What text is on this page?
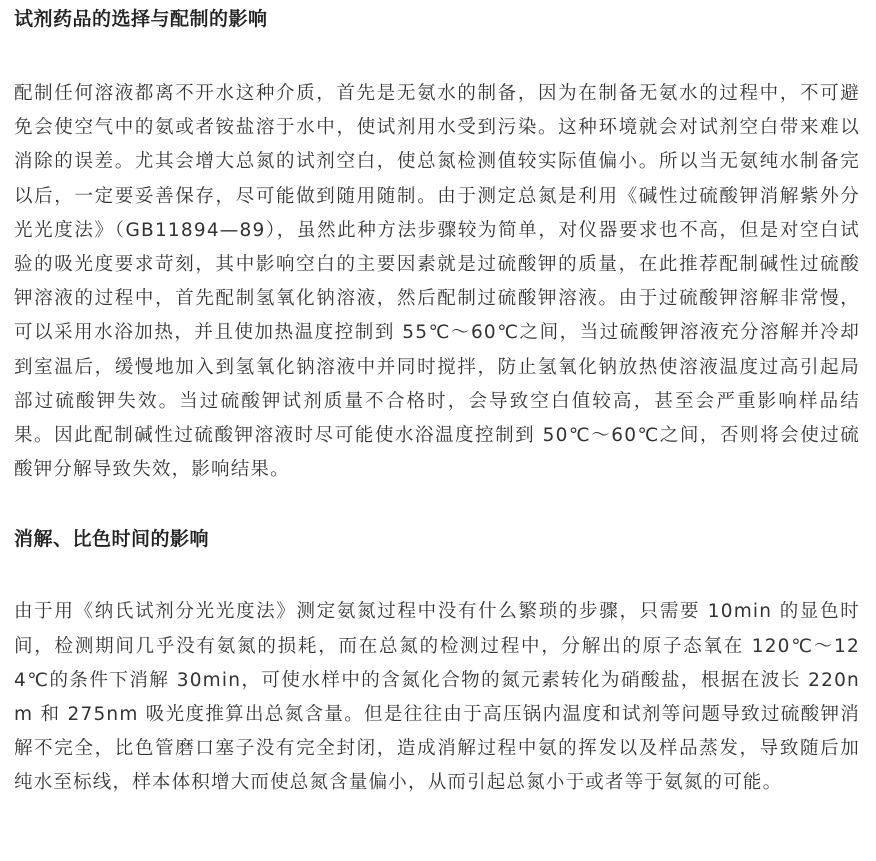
试剂药品的选择与配制的影响

配制任何溶液都离不开水这种介质，首先是无氨水的制备，因为在制备无氨水的过程中，不可避免会使空气中的氨或者铵盐溶于水中，使试剂用水受到污染。这种环境就会对试剂空白带来难以消除的误差。尤其会增大总氮的试剂空白，使总氮检测值较实际值偏小。所以当无氨纯水制备完以后，一定要妥善保存，尽可能做到随用随制。由于测定总氮是利用《碱性过硫酸钾消解紫外分光光度法》（GB11894—89），虽然此种方法步骤较为简单，对仪器要求也不高，但是对空白试验的吸光度要求苛刻，其中影响空白的主要因素就是过硫酸钾的质量，在此推荐配制碱性过硫酸钾溶液的过程中，首先配制氢氧化钠溶液，然后配制过硫酸钾溶液。由于过硫酸钾溶解非常慢，可以采用水浴加热，并且使加热温度控制到 55℃～60℃之间，当过硫酸钾溶液充分溶解并冷却到室温后，缓慢地加入到氢氧化钠溶液中并同时搅拌，防止氢氧化钠放热使溶液温度过高引起局部过硫酸钾失效。当过硫酸钾试剂质量不合格时，会导致空白值较高，甚至会严重影响样品结果。因此配制碱性过硫酸钾溶液时尽可能使水浴温度控制到 50℃～60℃之间，否则将会使过硫酸钾分解导致失效，影响结果。

消解、比色时间的影响

由于用《纳氏试剂分光光度法》测定氨氮过程中没有什么繁琐的步骤，只需要 10min 的显色时间，检测期间几乎没有氨氮的损耗，而在总氮的检测过程中，分解出的原子态氧在 120℃～124℃的条件下消解 30min，可使水样中的含氮化合物的氮元素转化为硝酸盐，根据在波长 220nm 和 275nm 吸光度推算出总氮含量。但是往往由于高压锅内温度和试剂等问题导致过硫酸钾消解不完全，比色管磨口塞子没有完全封闭，造成消解过程中氨的挥发以及样品蒸发，导致随后加纯水至标线，样本体积增大而使总氮含量偏小，从而引起总氮小于或者等于氨氮的可能。
